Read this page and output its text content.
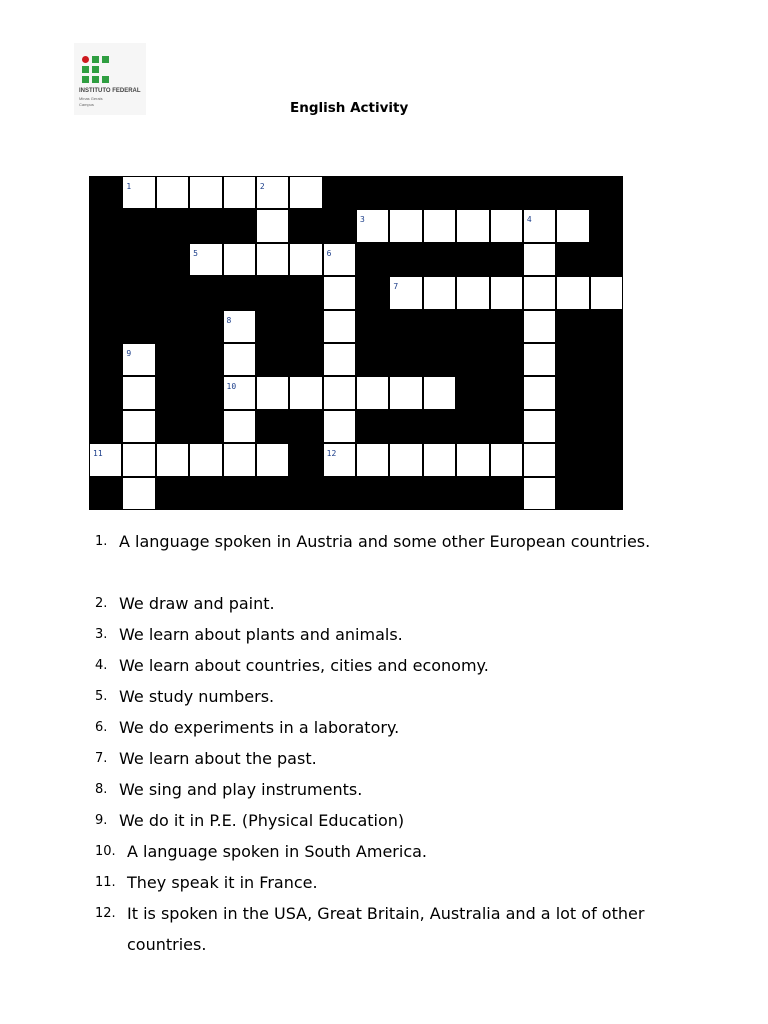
INSTITUTO FEDERAL
Minas Gerais
Campus	English Activity
1	2
3	4
5	6
7
8
9
10
11	12
1. A language spoken in Austria and some other European countries.
2. We draw and paint.
3. We learn about plants and animals.
4. We learn about countries, cities and economy.
5. We study numbers.
6. We do experiments in a laboratory.
7. We learn about the past.
8. We sing and play instruments.
9. We do it in P.E. (Physical Education)
10. A language spoken in South America.
11. They speak it in France.
12. It is spoken in the USA, Great Britain, Australia and a lot of other countries.
